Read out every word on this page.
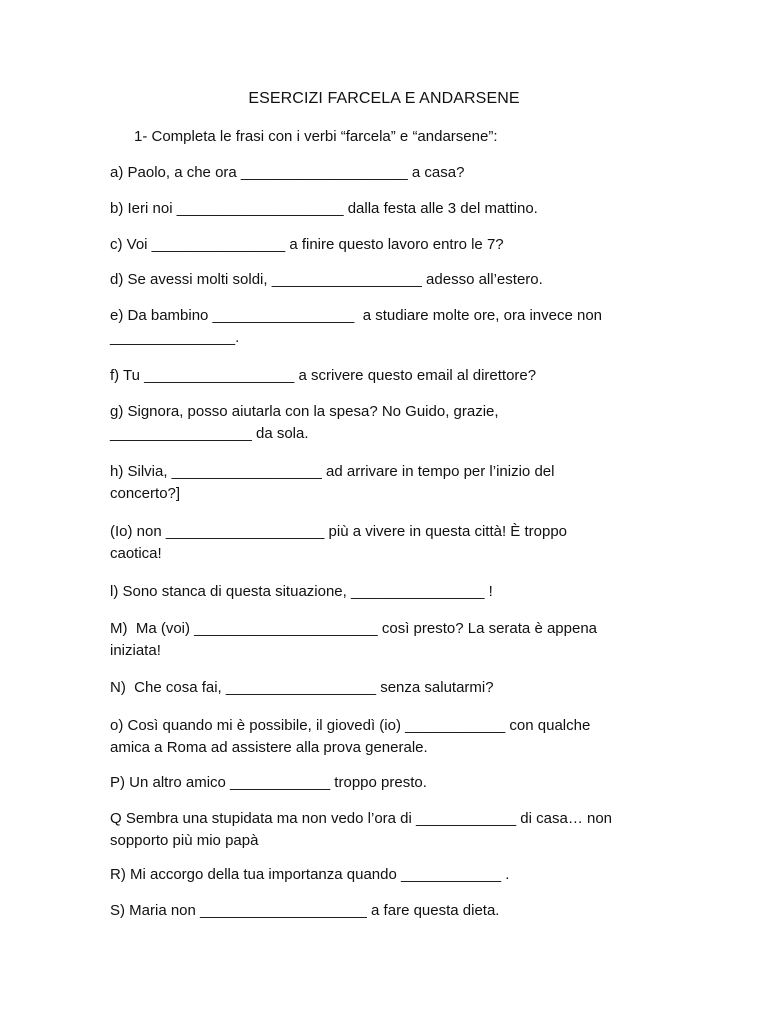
ESERCIZI FARCELA E ANDARSENE
1- Completa le frasi con i verbi “farcela” e “andarsene”:
a) Paolo, a che ora ____________________ a casa?
b) Ieri noi ____________________ dalla festa alle 3 del mattino.
c) Voi ________________ a finire questo lavoro entro le 7?
d) Se avessi molti soldi, __________________ adesso all’estero.
e) Da bambino _________________  a studiare molte ore, ora invece non
_______________.
f) Tu __________________ a scrivere questo email al direttore?
g) Signora, posso aiutarla con la spesa? No Guido, grazie,
_________________ da sola.
h) Silvia, __________________ ad arrivare in tempo per l’inizio del
concerto?]
(Io) non ___________________ più a vivere in questa città! È troppo
caotica!
l) Sono stanca di questa situazione, ________________ !
M)  Ma (voi) ______________________ così presto? La serata è appena
iniziata!
N)  Che cosa fai, __________________ senza salutarmi?
o) Così quando mi è possibile, il giovedì (io) ____________ con qualche
amica a Roma ad assistere alla prova generale.
P) Un altro amico ____________ troppo presto.
Q Sembra una stupidata ma non vedo l’ora di ____________ di casa… non
sopporto più mio papà
R) Mi accorgo della tua importanza quando ____________ .
S) Maria non ____________________ a fare questa dieta.
